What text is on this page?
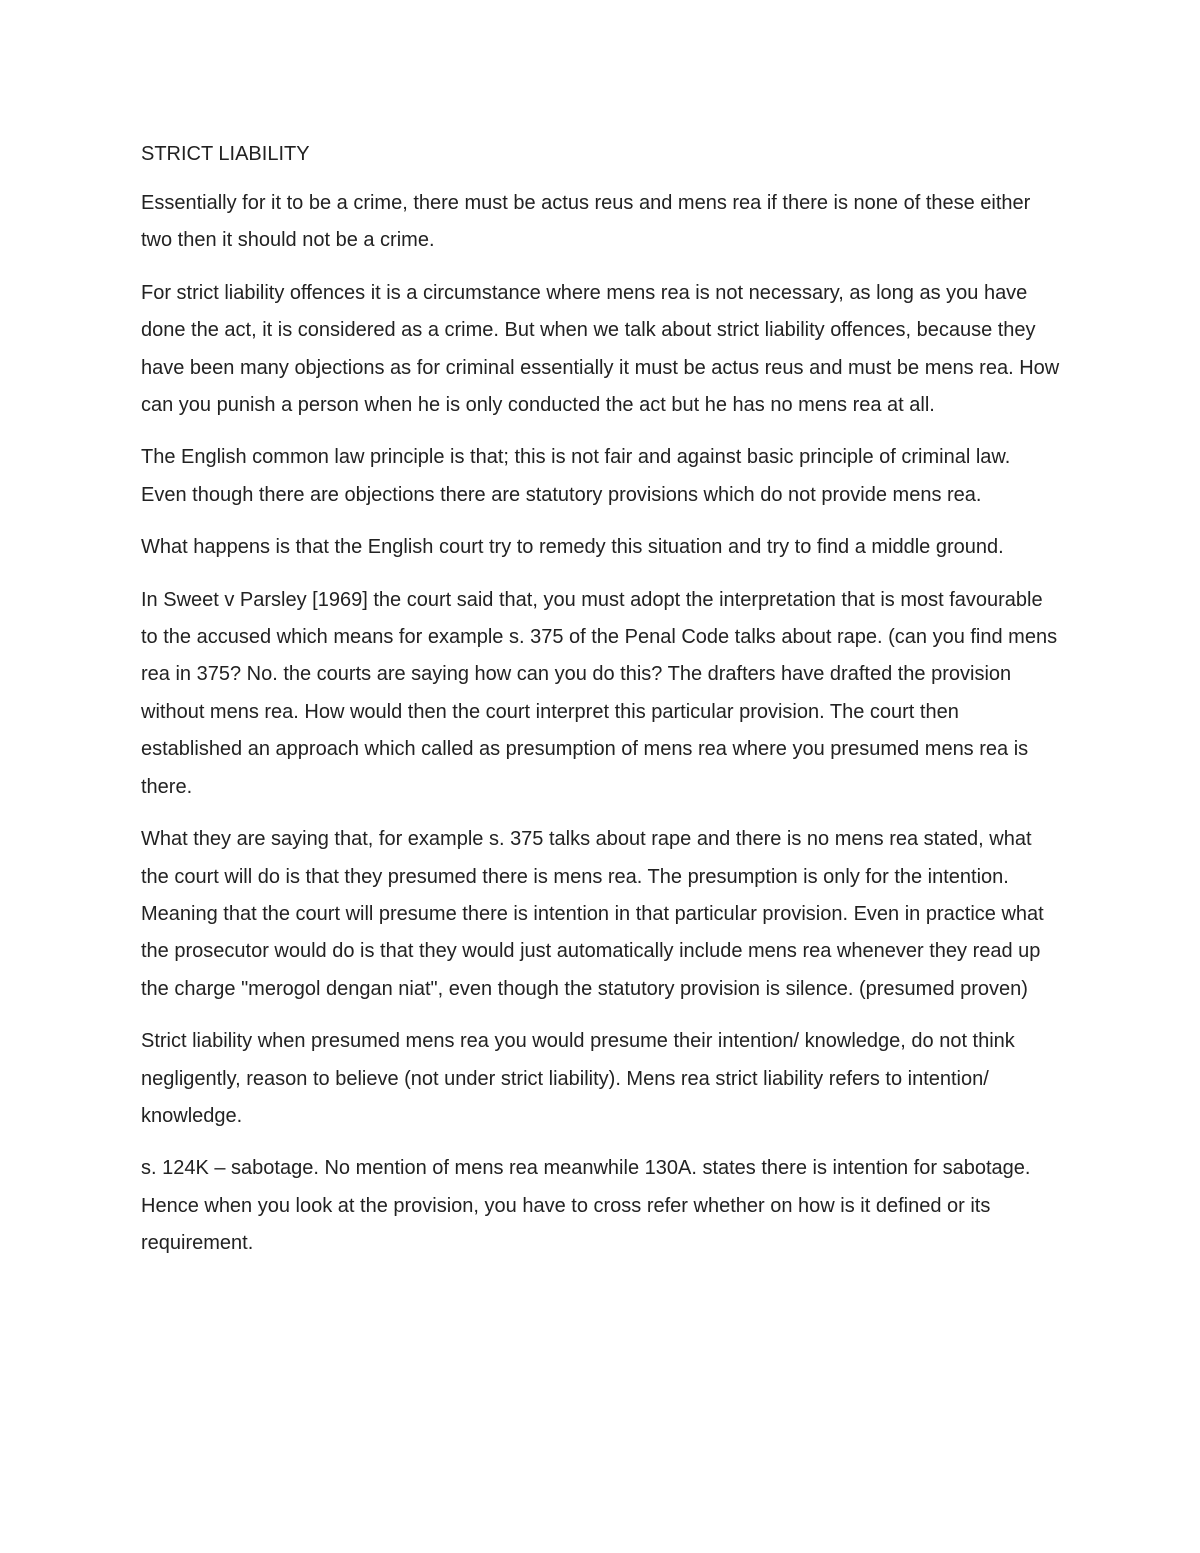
STRICT LIABILITY

Essentially for it to be a crime, there must be actus reus and mens rea if there is none of these either two then it should not be a crime.

For strict liability offences it is a circumstance where mens rea is not necessary, as long as you have done the act, it is considered as a crime. But when we talk about strict liability offences, because they have been many objections as for criminal essentially it must be actus reus and must be mens rea. How can you punish a person when he is only conducted the act but he has no mens rea at all.

The English common law principle is that; this is not fair and against basic principle of criminal law. Even though there are objections there are statutory provisions which do not provide mens rea.

What happens is that the English court try to remedy this situation and try to find a middle ground.

In Sweet v Parsley [1969] the court said that, you must adopt the interpretation that is most favourable to the accused which means for example s. 375 of the Penal Code talks about rape. (can you find mens rea in 375? No. the courts are saying how can you do this? The drafters have drafted the provision without mens rea. How would then the court interpret this particular provision. The court then established an approach which called as presumption of mens rea where you presumed mens rea is there.

What they are saying that, for example s. 375 talks about rape and there is no mens rea stated, what the court will do is that they presumed there is mens rea. The presumption is only for the intention. Meaning that the court will presume there is intention in that particular provision. Even in practice what the prosecutor would do is that they would just automatically include mens rea whenever they read up the charge "merogol dengan niat", even though the statutory provision is silence. (presumed proven)

Strict liability when presumed mens rea you would presume their intention/ knowledge, do not think negligently, reason to believe (not under strict liability). Mens rea strict liability refers to intention/ knowledge.

s. 124K – sabotage. No mention of mens rea meanwhile 130A. states there is intention for sabotage. Hence when you look at the provision, you have to cross refer whether on how is it defined or its requirement.
